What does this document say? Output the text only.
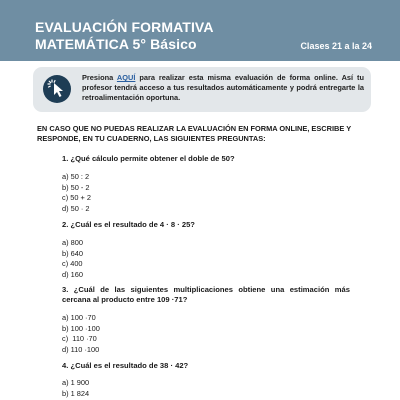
EVALUACIÓN FORMATIVA
MATEMÁTICA 5° Básico	Clases 21 a la 24
Presiona AQUÍ para realizar esta misma evaluación de forma online. Así tu profesor tendrá acceso a tus resultados automáticamente y podrá entregarte la retroalimentación oportuna.
EN CASO QUE NO PUEDAS REALIZAR LA EVALUACIÓN EN FORMA ONLINE, ESCRIBE Y RESPONDE, EN TU CUADERNO, LAS SIGUIENTES PREGUNTAS:
1. ¿Qué cálculo permite obtener el doble de 50?
a) 50 : 2
b) 50 - 2
c) 50 + 2
d) 50 · 2
2. ¿Cuál es el resultado de 4 · 8 · 25?
a) 800
b) 640
c) 400
d) 160
3. ¿Cuál de las siguientes multiplicaciones obtiene una estimación más cercana al producto entre 109 ·71?
a) 100 ·70
b) 100 ·100
c)  110 ·70
d) 110 ·100
4. ¿Cuál es el resultado de 38 · 42?
a) 1 900
b) 1 824
